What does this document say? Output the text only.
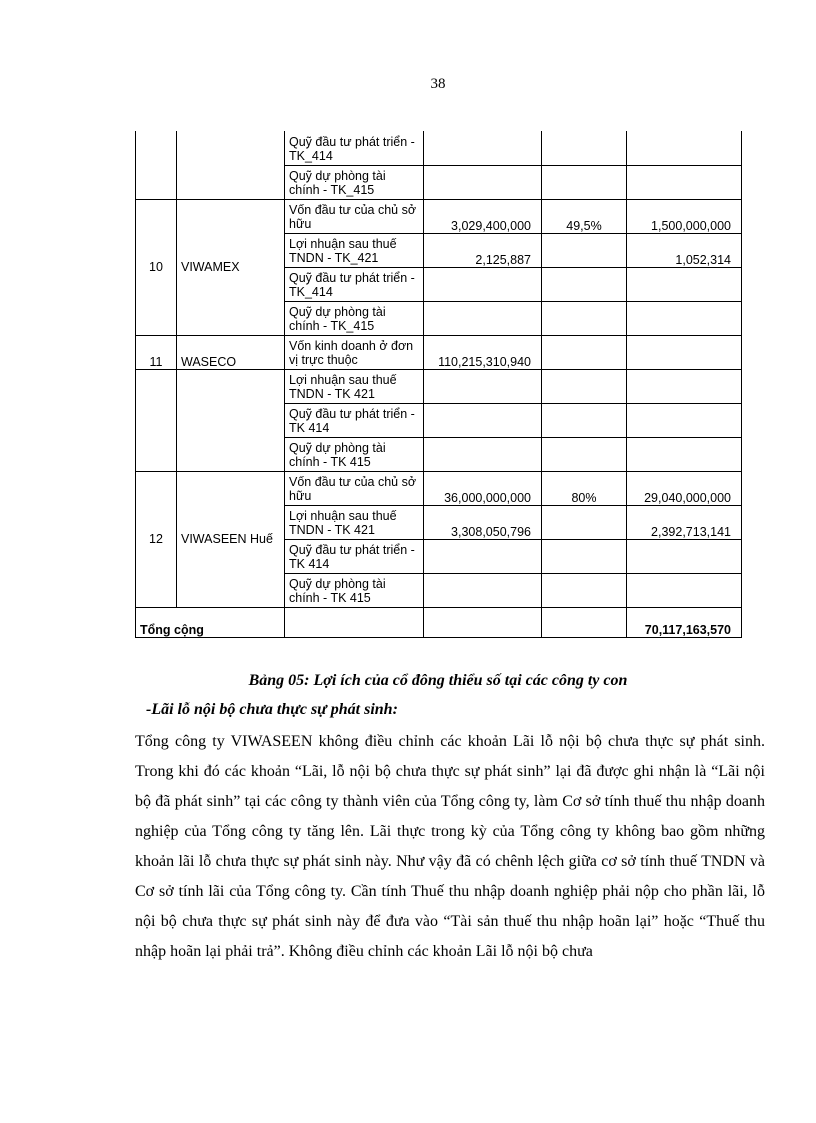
38
		Quỹ đầu tư phát triển - TK_414			
		Quỹ dự phòng tài chính - TK_415			
10	VIWAMEX	Vốn đầu tư của chủ sở hữu	3,029,400,000	49,5%	1,500,000,000
		Lợi nhuận sau thuế TNDN - TK_421	2,125,887		1,052,314
		Quỹ đầu tư phát triển - TK_414			
		Quỹ dự phòng tài chính - TK_415			
11	WASECO	Vốn kinh doanh ở đơn vị trực thuộc	110,215,310,940		
		Lợi nhuận sau thuế TNDN - TK 421			
		Quỹ đầu tư phát triển - TK 414			
		Quỹ dự phòng tài chính - TK 415			
12	VIWASEEN Huế	Vốn đầu tư của chủ sở hữu	36,000,000,000	80%	29,040,000,000
		Lợi nhuận sau thuế TNDN - TK 421	3,308,050,796		2,392,713,141
		Quỹ đầu tư phát triển - TK 414			
		Quỹ dự phòng tài chính - TK 415			
Tổng cộng					70,117,163,570
Bảng 05: Lợi ích của cổ đông thiểu số tại các công ty con
-Lãi lỗ nội bộ chưa thực sự phát sinh:

Tổng công ty VIWASEEN không điều chỉnh các khoản Lãi lỗ nội bộ chưa thực sự phát sinh. Trong khi đó các khoản “Lãi, lỗ nội bộ chưa thực sự phát sinh” lại đã được ghi nhận là “Lãi nội bộ đã phát sinh” tại các công ty thành viên của Tổng công ty, làm Cơ sở tính thuế thu nhập doanh nghiệp của Tổng công ty tăng lên. Lãi thực trong kỳ của Tổng công ty không bao gồm những khoản lãi lỗ chưa thực sự phát sinh này. Như vậy đã có chênh lệch giữa cơ sở tính thuế TNDN và Cơ sở tính lãi của Tổng công ty. Cần tính Thuế thu nhập doanh nghiệp phải nộp cho phần lãi, lỗ nội bộ chưa thực sự phát sinh này để đưa vào “Tài sản thuế thu nhập hoãn lại” hoặc “Thuế thu nhập hoãn lại phải trả”. Không điều chỉnh các khoản Lãi lỗ nội bộ chưa
